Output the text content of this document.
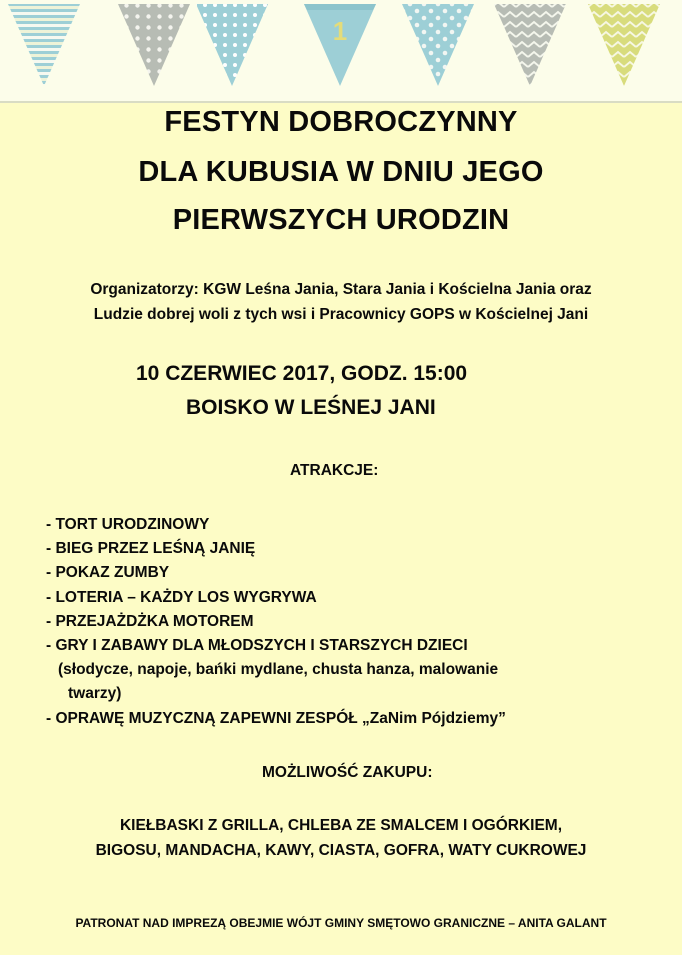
1
FESTYN DOBROCZYNNY
DLA KUBUSIA W DNIU JEGO
PIERWSZYCH URODZIN
Organizatorzy: KGW Leśna Jania, Stara Jania i Kościelna Jania oraz
Ludzie dobrej woli z tych wsi i Pracownicy GOPS w Kościelnej Jani
10 CZERWIEC 2017, GODZ. 15:00
BOISKO W LEŚNEJ JANI
ATRAKCJE:
- TORT URODZINOWY
- BIEG PRZEZ LEŚNĄ JANIĘ
- POKAZ ZUMBY
- LOTERIA – KAŻDY LOS WYGRYWA
- PRZEJAŻDŻKA MOTOREM
- GRY I ZABAWY DLA MŁODSZYCH I STARSZYCH DZIECI
(słodycze, napoje, bańki mydlane, chusta hanza, malowanie
twarzy)
- OPRAWĘ MUZYCZNĄ ZAPEWNI ZESPÓŁ „ZaNim Pójdziemy”
MOŻLIWOŚĆ ZAKUPU:
KIEŁBASKI Z GRILLA, CHLEBA ZE SMALCEM I OGÓRKIEM,
BIGOSU, MANDACHA, KAWY, CIASTA, GOFRA, WATY CUKROWEJ
PATRONAT NAD IMPREZĄ OBEJMIE WÓJT GMINY SMĘTOWO GRANICZNE – ANITA GALANT
